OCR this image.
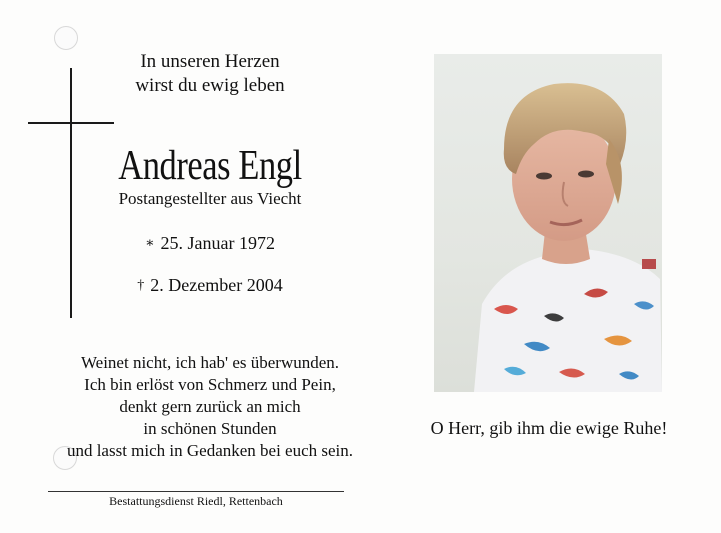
In unseren Herzen
wirst du ewig leben
Andreas Engl
Postangestellter aus Viecht
∗ 25. Januar 1972
† 2. Dezember 2004
Weinet nicht, ich hab' es überwunden.
Ich bin erlöst von Schmerz und Pein,
denkt gern zurück an mich
in schönen Stunden
und lasst mich in Gedanken bei euch sein.
Bestattungsdienst Riedl, Rettenbach
O Herr, gib ihm die ewige Ruhe!
